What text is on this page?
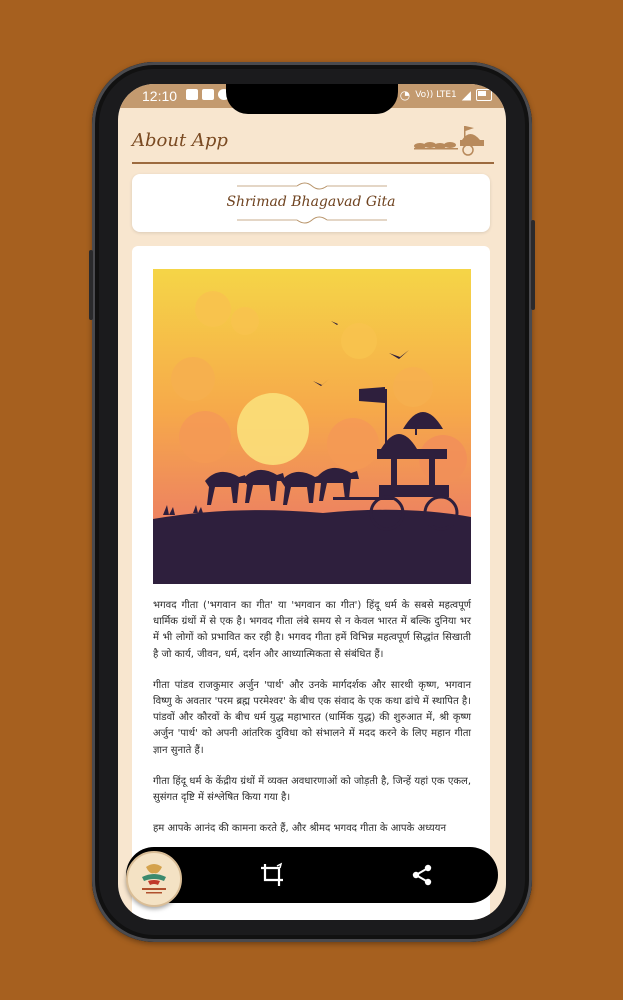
12:10	◔ Vo)) LTE1 ◢
About App
Shrimad Bhagavad Gita

भगवद गीता ('भगवान का गीत' या 'भगवान का गीत') हिंदू धर्म के सबसे महत्वपूर्ण धार्मिक ग्रंथों में से एक है। भगवद गीता लंबे समय से न केवल भारत में बल्कि दुनिया भर में भी लोगों को प्रभावित कर रही है। भगवद गीता हमें विभिन्न महत्वपूर्ण सिद्धांत सिखाती है जो कार्य, जीवन, धर्म, दर्शन और आध्यात्मिकता से संबंधित हैं।

गीता पांडव राजकुमार अर्जुन 'पार्थ' और उनके मार्गदर्शक और सारथी कृष्ण, भगवान विष्णु के अवतार 'परम ब्रह्म परमेश्वर' के बीच एक संवाद के एक कथा ढांचे में स्थापित है। पांडवों और कौरवों के बीच धर्म युद्ध महाभारत (धार्मिक युद्ध) की शुरुआत में, श्री कृष्ण अर्जुन 'पार्थ' को अपनी आंतरिक दुविधा को संभालने में मदद करने के लिए महान गीता ज्ञान सुनाते हैं।

गीता हिंदू धर्म के केंद्रीय ग्रंथों में व्यक्त अवधारणाओं को जोड़ती है, जिन्हें यहां एक एकल, सुसंगत दृष्टि में संश्लेषित किया गया है।

हम आपके आनंद की कामना करते हैं, और श्रीमद भगवद गीता के आपके अध्ययन
